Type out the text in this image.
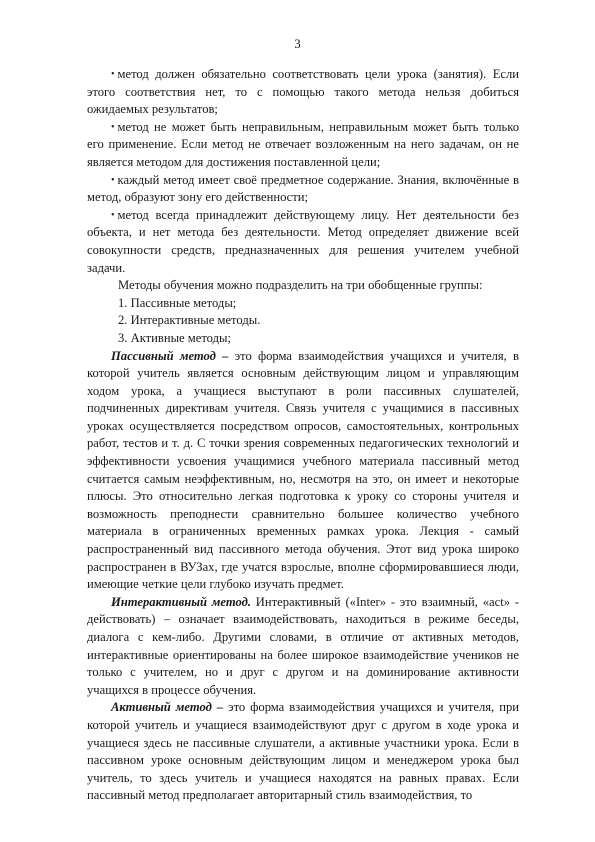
3

• метод должен обязательно соответствовать цели урока (занятия). Если этого соответствия нет, то с помощью такого метода нельзя добиться ожидаемых результатов;

• метод не может быть неправильным, неправильным может быть только его применение. Если метод не отвечает возложенным на него задачам, он не является методом для достижения поставленной цели;

• каждый метод имеет своё предметное содержание. Знания, включённые в метод, образуют зону его действенности;

• метод всегда принадлежит действующему лицу. Нет деятельности без объекта, и нет метода без деятельности. Метод определяет движение всей совокупности средств, предназначенных для решения учителем учебной задачи.

Методы обучения можно подразделить на три обобщенные группы:

1. Пассивные методы;

2. Интерактивные методы.

3. Активные методы;

Пассивный метод – это форма взаимодействия учащихся и учителя, в которой учитель является основным действующим лицом и управляющим ходом урока, а учащиеся выступают в роли пассивных слушателей, подчиненных директивам учителя. Связь учителя с учащимися в пассивных уроках осуществляется посредством опросов, самостоятельных, контрольных работ, тестов и т. д. С точки зрения современных педагогических технологий и эффективности усвоения учащимися учебного материала пассивный метод считается самым неэффективным, но, несмотря на это, он имеет и некоторые плюсы. Это относительно легкая подготовка к уроку со стороны учителя и возможность преподнести сравнительно большее количество учебного материала в ограниченных временных рамках урока. Лекция - самый распространенный вид пассивного метода обучения. Этот вид урока широко распространен в ВУЗах, где учатся взрослые, вполне сформировавшиеся люди, имеющие четкие цели глубоко изучать предмет.

Интерактивный метод. Интерактивный («Inter» - это взаимный, «act» - действовать) – означает взаимодействовать, находиться в режиме беседы, диалога с кем-либо. Другими словами, в отличие от активных методов, интерактивные ориентированы на более широкое взаимодействие учеников не только с учителем, но и друг с другом и на доминирование активности учащихся в процессе обучения.

Активный метод – это форма взаимодействия учащихся и учителя, при которой учитель и учащиеся взаимодействуют друг с другом в ходе урока и учащиеся здесь не пассивные слушатели, а активные участники урока. Если в пассивном уроке основным действующим лицом и менеджером урока был учитель, то здесь учитель и учащиеся находятся на равных правах. Если пассивный метод предполагает авторитарный стиль взаимодействия, то
